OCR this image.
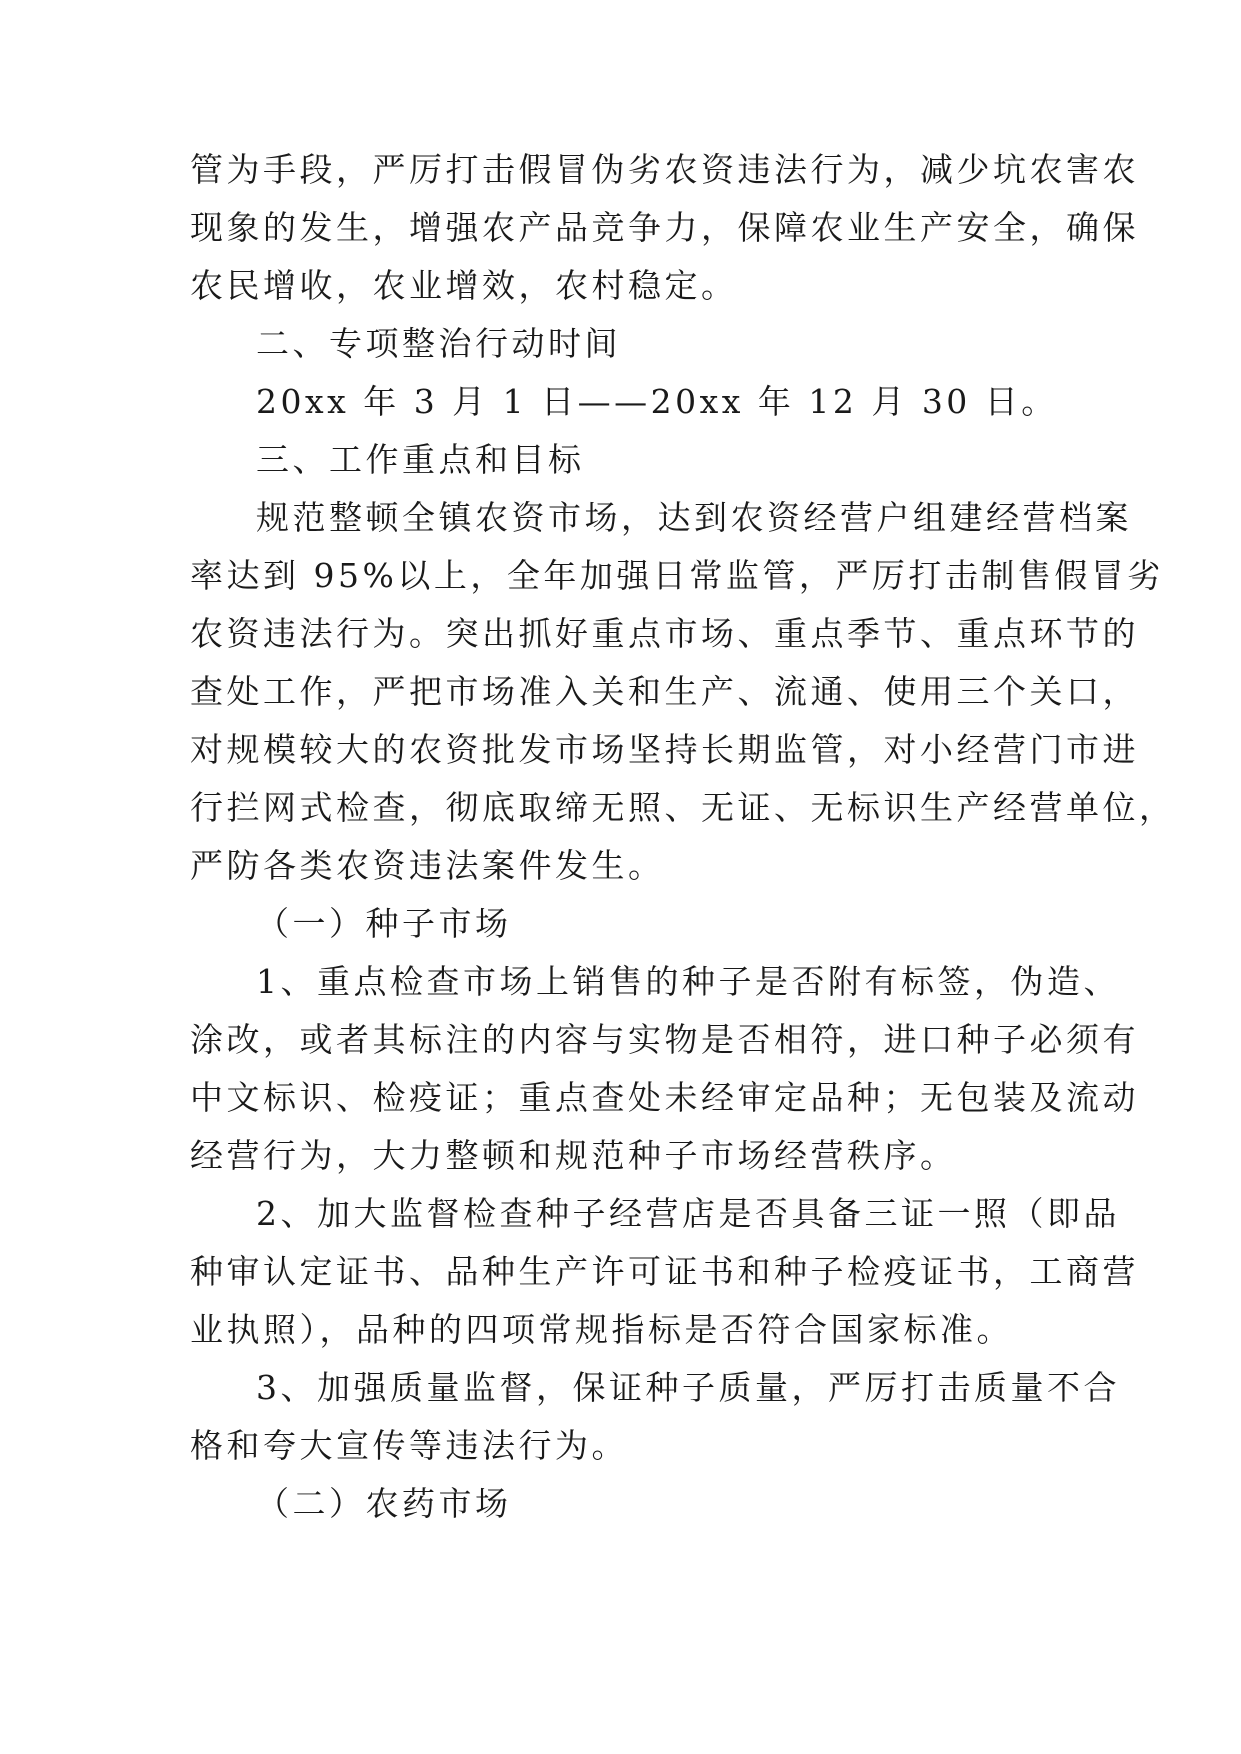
管为手段，严厉打击假冒伪劣农资违法行为，减少坑农害农
现象的发生，增强农产品竞争力，保障农业生产安全，确保
农民增收，农业增效，农村稳定。
二、专项整治行动时间
20xx 年 3 月 1 日——20xx 年 12 月 30 日。
三、工作重点和目标
规范整顿全镇农资市场，达到农资经营户组建经营档案
率达到 95%以上，全年加强日常监管，严厉打击制售假冒劣
农资违法行为。突出抓好重点市场、重点季节、重点环节的
查处工作，严把市场准入关和生产、流通、使用三个关口，
对规模较大的农资批发市场坚持长期监管，对小经营门市进
行拦网式检查，彻底取缔无照、无证、无标识生产经营单位，
严防各类农资违法案件发生。
（一）种子市场
1、重点检查市场上销售的种子是否附有标签，伪造、
涂改，或者其标注的内容与实物是否相符，进口种子必须有
中文标识、检疫证；重点查处未经审定品种；无包装及流动
经营行为，大力整顿和规范种子市场经营秩序。
2、加大监督检查种子经营店是否具备三证一照（即品
种审认定证书、品种生产许可证书和种子检疫证书，工商营
业执照），品种的四项常规指标是否符合国家标准。
3、加强质量监督，保证种子质量，严厉打击质量不合
格和夸大宣传等违法行为。
（二）农药市场
